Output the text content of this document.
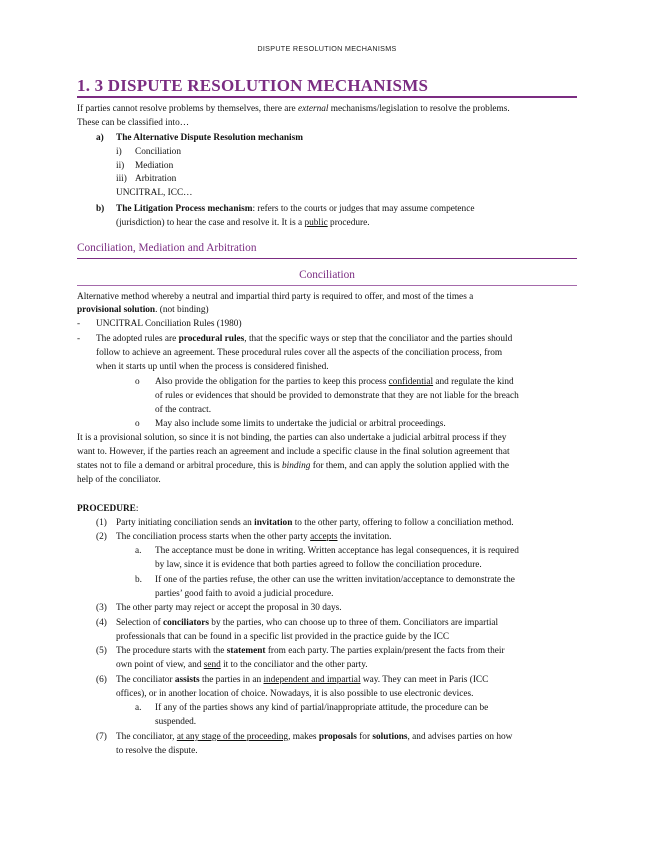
DISPUTE RESOLUTION MECHANISMS
1. 3 DISPUTE RESOLUTION MECHANISMS
If parties cannot resolve problems by themselves, there are external mechanisms/legislation to resolve the problems.
These can be classified into…
a) The Alternative Dispute Resolution mechanism
i) Conciliation
ii) Mediation
iii) Arbitration
UNCITRAL, ICC…
b) The Litigation Process mechanism: refers to the courts or judges that may assume competence
(jurisdiction) to hear the case and resolve it. It is a public procedure.
Conciliation, Mediation and Arbitration
Conciliation
Alternative method whereby a neutral and impartial third party is required to offer, and most of the times a
provisional solution. (not binding)
- UNCITRAL Conciliation Rules (1980)
- The adopted rules are procedural rules, that the specific ways or step that the conciliator and the parties should
follow to achieve an agreement. These procedural rules cover all the aspects of the conciliation process, from
when it starts up until when the process is considered finished.
o Also provide the obligation for the parties to keep this process confidential and regulate the kind
of rules or evidences that should be provided to demonstrate that they are not liable for the breach
of the contract.
o May also include some limits to undertake the judicial or arbitral proceedings.
It is a provisional solution, so since it is not binding, the parties can also undertake a judicial arbitral process if they
want to. However, if the parties reach an agreement and include a specific clause in the final solution agreement that
states not to file a demand or arbitral procedure, this is binding for them, and can apply the solution applied with the
help of the conciliator.
PROCEDURE:
(1) Party initiating conciliation sends an invitation to the other party, offering to follow a conciliation method.
(2) The conciliation process starts when the other party accepts the invitation.
a. The acceptance must be done in writing. Written acceptance has legal consequences, it is required
by law, since it is evidence that both parties agreed to follow the conciliation procedure.
b. If one of the parties refuse, the other can use the written invitation/acceptance to demonstrate the
parties’ good faith to avoid a judicial procedure.
(3) The other party may reject or accept the proposal in 30 days.
(4) Selection of conciliators by the parties, who can choose up to three of them. Conciliators are impartial
professionals that can be found in a specific list provided in the practice guide by the ICC
(5) The procedure starts with the statement from each party. The parties explain/present the facts from their
own point of view, and send it to the conciliator and the other party.
(6) The conciliator assists the parties in an independent and impartial way. They can meet in Paris (ICC
offices), or in another location of choice. Nowadays, it is also possible to use electronic devices.
a. If any of the parties shows any kind of partial/inappropriate attitude, the procedure can be
suspended.
(7) The conciliator, at any stage of the proceeding, makes proposals for solutions, and advises parties on how
to resolve the dispute.
